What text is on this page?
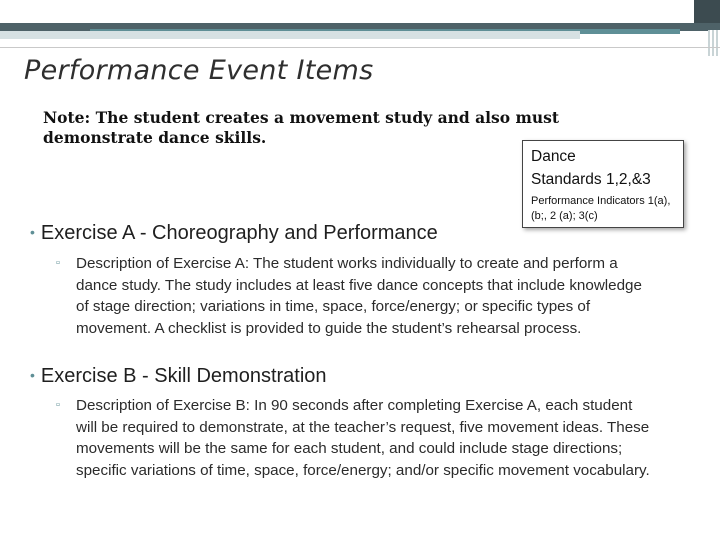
Performance Event Items
Note: The student creates a movement study and also must demonstrate dance skills.
Dance
Standards 1,2,&3
Performance Indicators 1(a), (b;, 2 (a); 3(c)
• Exercise A - Choreography and Performance
▫ Description of Exercise A: The student works individually to create and perform a dance study. The study includes at least five dance concepts that include knowledge of stage direction; variations in time, space, force/energy; or specific types of movement. A checklist is provided to guide the student’s rehearsal process.
• Exercise B - Skill Demonstration
▫ Description of Exercise B: In 90 seconds after completing Exercise A, each student will be required to demonstrate, at the teacher’s request, five movement ideas. These movements will be the same for each student, and could include stage directions; specific variations of time, space, force/energy; and/or specific movement vocabulary.
